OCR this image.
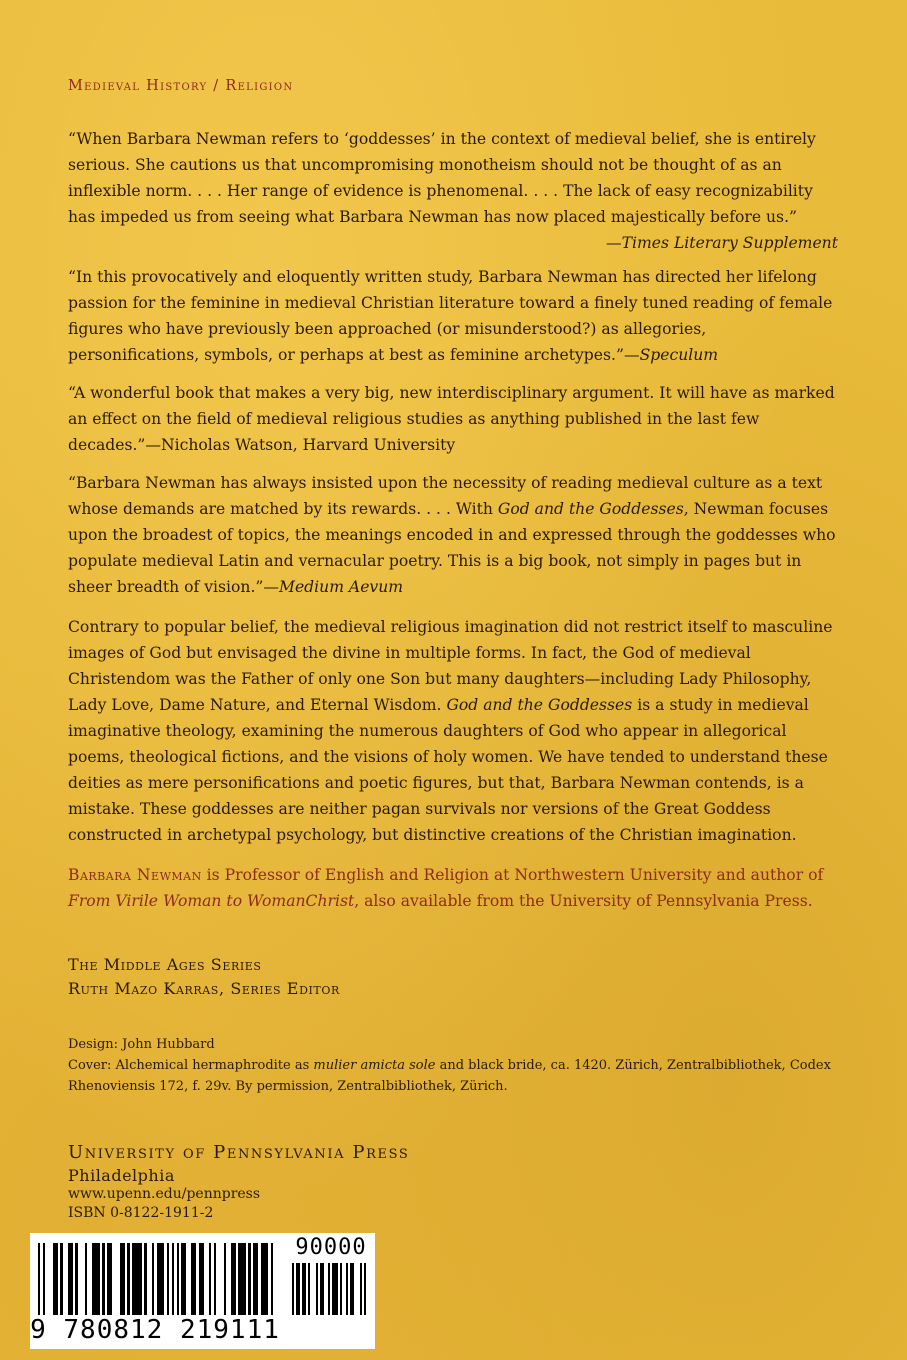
Medieval History / Religion

“When Barbara Newman refers to ‘goddesses’ in the context of medieval belief, she is entirely serious. She cautions us that uncompromising monotheism should not be thought of as an inflexible norm. . . . Her range of evidence is phenomenal. . . . The lack of easy recognizability has impeded us from seeing what Barbara Newman has now placed majestically before us.”

—Times Literary Supplement

“In this provocatively and eloquently written study, Barbara Newman has directed her lifelong passion for the feminine in medieval Christian literature toward a finely tuned reading of female figures who have previously been approached (or misunderstood?) as allegories, personifications, symbols, or perhaps at best as feminine archetypes.”—Speculum

“A wonderful book that makes a very big, new interdisciplinary argument. It will have as marked an effect on the field of medieval religious studies as anything published in the last few decades.”—Nicholas Watson, Harvard University

“Barbara Newman has always insisted upon the necessity of reading medieval culture as a text whose demands are matched by its rewards. . . . With God and the Goddesses, Newman focuses upon the broadest of topics, the meanings encoded in and expressed through the goddesses who populate medieval Latin and vernacular poetry. This is a big book, not simply in pages but in sheer breadth of vision.”—Medium Aevum

Contrary to popular belief, the medieval religious imagination did not restrict itself to masculine images of God but envisaged the divine in multiple forms. In fact, the God of medieval Christendom was the Father of only one Son but many daughters—including Lady Philosophy, Lady Love, Dame Nature, and Eternal Wisdom. God and the Goddesses is a study in medieval imaginative theology, examining the numerous daughters of God who appear in allegorical poems, theological fictions, and the visions of holy women. We have tended to understand these deities as mere personifications and poetic figures, but that, Barbara Newman contends, is a mistake. These goddesses are neither pagan survivals nor versions of the Great Goddess constructed in archetypal psychology, but distinctive creations of the Christian imagination.

Barbara Newman is Professor of English and Religion at Northwestern University and author of From Virile Woman to WomanChrist, also available from the University of Pennsylvania Press.

The Middle Ages Series
Ruth Mazo Karras, Series Editor
Design: John Hubbard
Cover: Alchemical hermaphrodite as mulier amicta sole and black bride, ca. 1420. Zürich, Zentralbibliothek, Codex Rhenoviensis 172, f. 29v. By permission, Zentralbibliothek, Zürich.
University of Pennsylvania Press
Philadelphia
www.upenn.edu/pennpress
ISBN 0-8122-1911-2
9 780812 219111
90000
